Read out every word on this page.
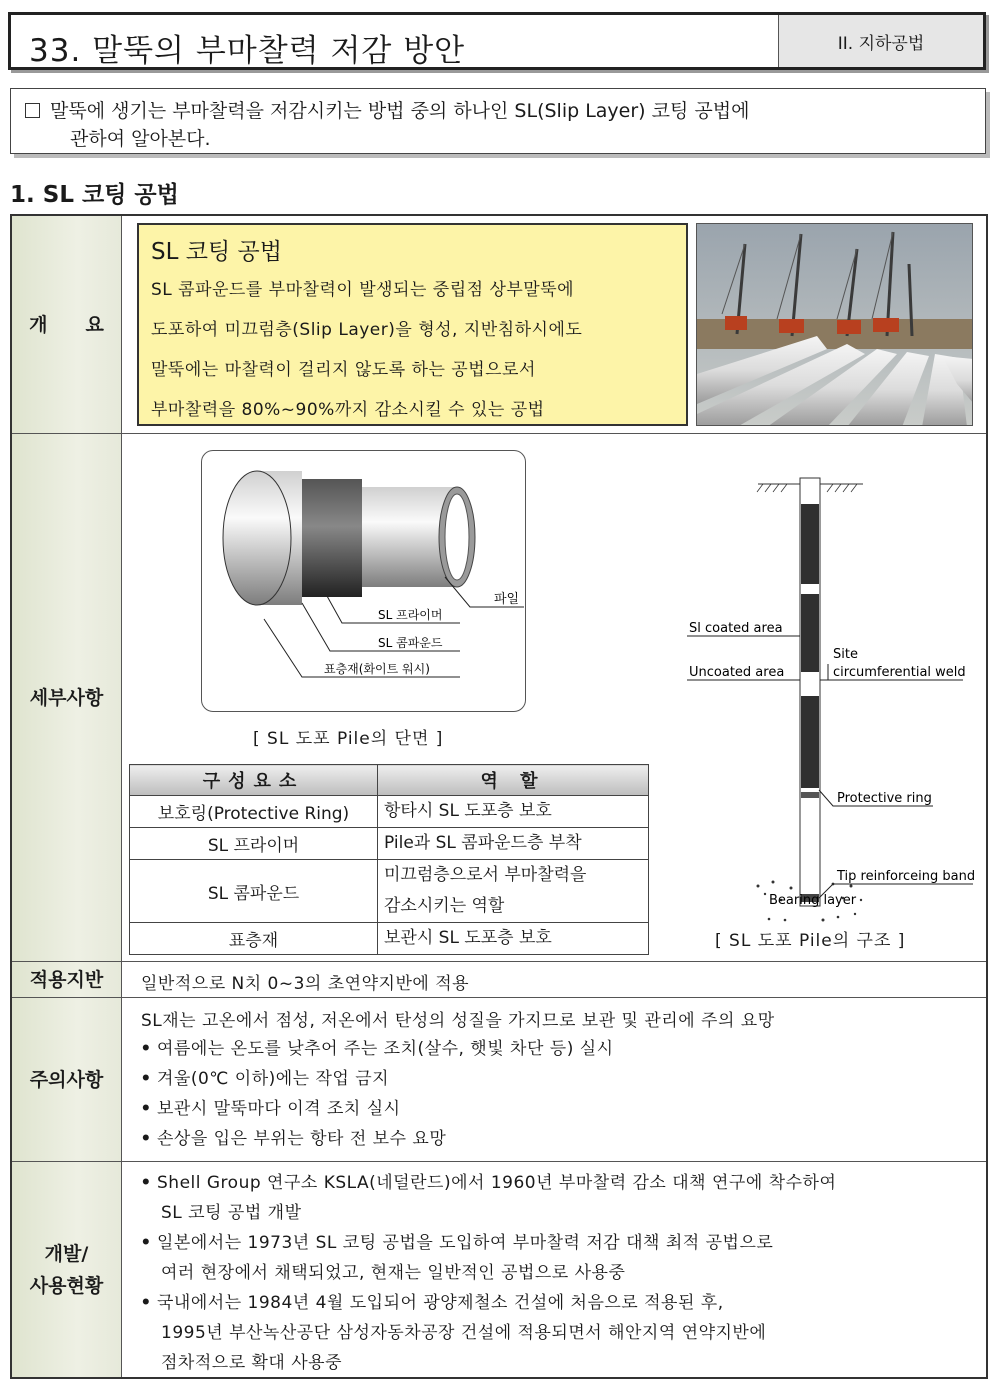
33. 말뚝의 부마찰력 저감 방안	II. 지하공법
말뚝에 생기는 부마찰력을 저감시키는 방법 중의 하나인 SL(Slip Layer) 코팅 공법에
관하여 알아본다.
1. SL 코팅 공법
개　　요
SL 코팅 공법
SL 콤파운드를 부마찰력이 발생되는 중립점 상부말뚝에
도포하여 미끄럼층(Slip Layer)을 형성, 지반침하시에도
말뚝에는 마찰력이 걸리지 않도록 하는 공법으로서
부마찰력을 80%~90%까지 감소시킬 수 있는 공법
세부사항
파일
SL 프라이머
SL 콤파운드
표층재(화이트 워시)
[ SL 도포 Pile의 단면 ]
구성요소	역 할
보호링(Protective Ring)	항타시 SL 도포층 보호
SL 프라이머	Pile과 SL 콤파운드층 부착
SL 콤파운드	미끄럼층으로서 부마찰력을
감소시키는 역할

표층재	보관시 SL 도포층 보호
Sl coated area
Uncoated area
Site
circumferential weld
Protective ring
Tip reinforceing band
Bearing layer
[ SL 도포 Pile의 구조 ]
적용지반	일반적으로 N치 0~3의 초연약지반에 적용
주의사항
SL재는 고온에서 점성, 저온에서 탄성의 성질을 가지므로 보관 및 관리에 주의 요망
• 여름에는 온도를 낮추어 주는 조치(살수, 햇빛 차단 등) 실시
• 겨울(0℃ 이하)에는 작업 금지
• 보관시 말뚝마다 이격 조치 실시
• 손상을 입은 부위는 항타 전 보수 요망
개발/
사용현황
• Shell Group 연구소 KSLA(네덜란드)에서 1960년 부마찰력 감소 대책 연구에 착수하여
SL 코팅 공법 개발
• 일본에서는 1973년 SL 코팅 공법을 도입하여 부마찰력 저감 대책 최적 공법으로
여러 현장에서 채택되었고, 현재는 일반적인 공법으로 사용중
• 국내에서는 1984년 4월 도입되어 광양제철소 건설에 처음으로 적용된 후,
1995년 부산녹산공단 삼성자동차공장 건설에 적용되면서 해안지역 연약지반에
점차적으로 확대 사용중
